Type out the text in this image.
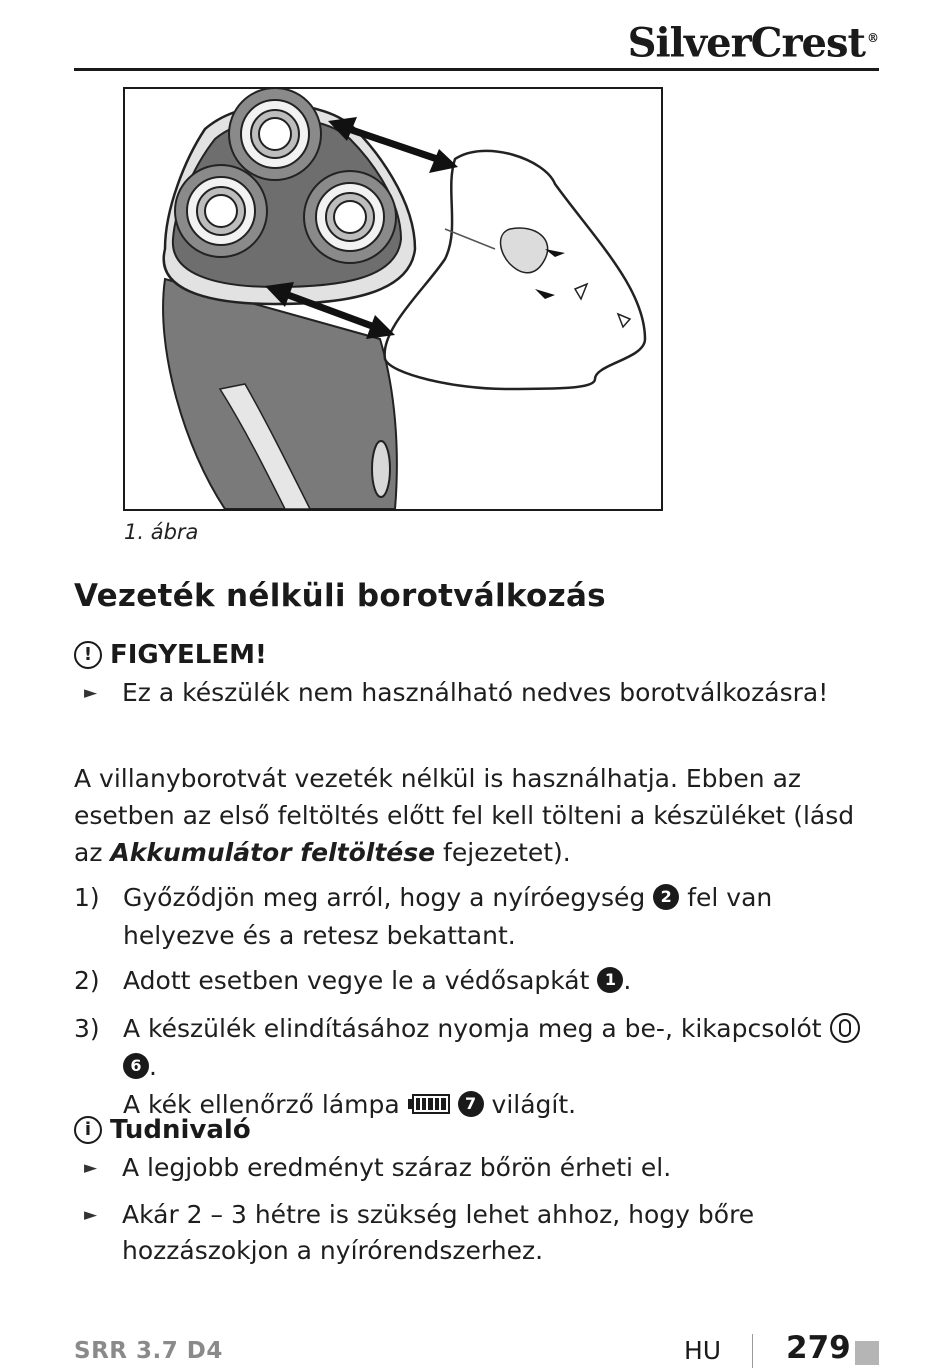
SilverCrest ®
1. ábra
Vezeték nélküli borotválkozás
! FIGYELEM!
► Ez a készülék nem használható nedves borotválkozásra!

A villanyborotvát vezeték nélkül is használhatja. Ebben az esetben az első feltöltés előtt fel kell tölteni a készüléket (lásd az Akkumulátor feltöltése fejezetet).

1) Győződjön meg arról, hogy a nyíróegység 2 fel van helyezve és a retesz bekattant.
2) Adott esetben vegye le a védősapkát 1 .
3) A készülék elindításához nyomja meg a be-, kikapcsolót
6 .
A kék ellenőrző lámpa	7 világít.
i Tudnivaló
► A legjobb eredményt száraz bőrön érheti el.
► Akár 2 – 3 hétre is szükség lehet ahhoz, hogy bőre hozzászokjon a nyírórendszerhez.
SRR 3.7 D4	HU 279
